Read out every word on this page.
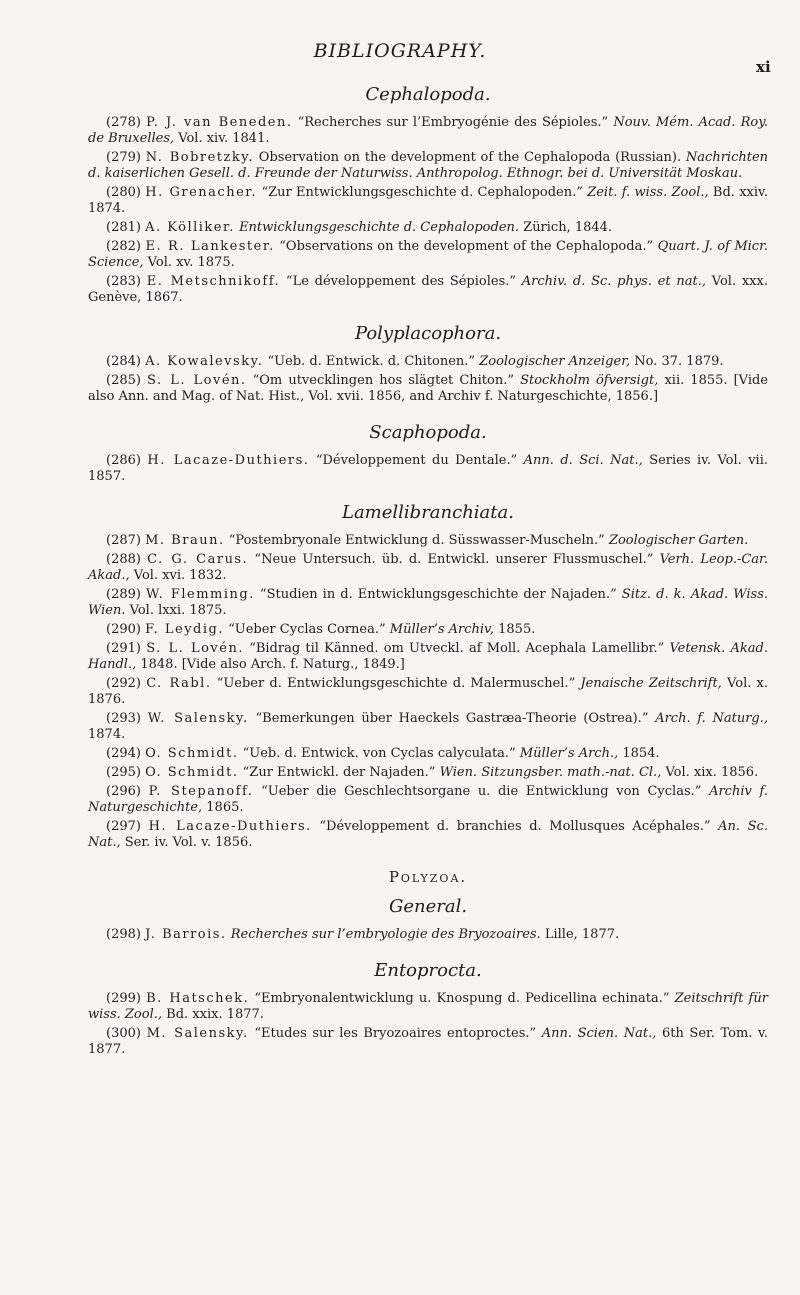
BIBLIOGRAPHY.
xi
Cephalopoda.

(278) P. J. van Beneden. “Recherches sur l’Embryogénie des Sépioles.” Nouv. Mém. Acad. Roy. de Bruxelles, Vol. xiv. 1841.

(279) N. Bobretzky. Observation on the development of the Cephalopoda (Russian). Nachrichten d. kaiserlichen Gesell. d. Freunde der Naturwiss. Anthropolog. Ethnogr. bei d. Universität Moskau.

(280) H. Grenacher. “Zur Entwicklungsgeschichte d. Cephalopoden.” Zeit. f. wiss. Zool., Bd. xxiv. 1874.

(281) A. Kölliker. Entwicklungsgeschichte d. Cephalopoden. Zürich, 1844.

(282) E. R. Lankester. “Observations on the development of the Cephalopoda.” Quart. J. of Micr. Science, Vol. xv. 1875.

(283) E. Metschnikoff. “Le développement des Sépioles.” Archiv. d. Sc. phys. et nat., Vol. xxx. Genève, 1867.

Polyplacophora.

(284) A. Kowalevsky. “Ueb. d. Entwick. d. Chitonen.” Zoologischer Anzeiger, No. 37. 1879.

(285) S. L. Lovén. “Om utvecklingen hos slägtet Chiton.” Stockholm öfversigt, xii. 1855. [Vide also Ann. and Mag. of Nat. Hist., Vol. xvii. 1856, and Archiv f. Naturgeschichte, 1856.]

Scaphopoda.

(286) H. Lacaze-Duthiers. “Développement du Dentale.” Ann. d. Sci. Nat., Series iv. Vol. vii. 1857.

Lamellibranchiata.

(287) M. Braun. “Postembryonale Entwicklung d. Süsswasser-Muscheln.” Zoologischer Garten.

(288) C. G. Carus. “Neue Untersuch. üb. d. Entwickl. unserer Flussmuschel.” Verh. Leop.-Car. Akad., Vol. xvi. 1832.

(289) W. Flemming. “Studien in d. Entwicklungsgeschichte der Najaden.” Sitz. d. k. Akad. Wiss. Wien. Vol. lxxi. 1875.

(290) F. Leydig. “Ueber Cyclas Cornea.” Müller’s Archiv, 1855.

(291) S. L. Lovén. “Bidrag til Känned. om Utveckl. af Moll. Acephala Lamellibr.” Vetensk. Akad. Handl., 1848. [Vide also Arch. f. Naturg., 1849.]

(292) C. Rabl. “Ueber d. Entwicklungsgeschichte d. Malermuschel.” Jenaische Zeitschrift, Vol. x. 1876.

(293) W. Salensky. “Bemerkungen über Haeckels Gastræa-Theorie (Ostrea).” Arch. f. Naturg., 1874.

(294) O. Schmidt. “Ueb. d. Entwick. von Cyclas calyculata.” Müller’s Arch., 1854.

(295) O. Schmidt. “Zur Entwickl. der Najaden.” Wien. Sitzungsber. math.-nat. Cl., Vol. xix. 1856.

(296) P. Stepanoff. “Ueber die Geschlechtsorgane u. die Entwicklung von Cyclas.” Archiv f. Naturgeschichte, 1865.

(297) H. Lacaze-Duthiers. “Développement d. branchies d. Mollusques Acéphales.” An. Sc. Nat., Ser. iv. Vol. v. 1856.

Polyzoa.
General.

(298) J. Barrois. Recherches sur l’embryologie des Bryozoaires. Lille, 1877.

Entoprocta.

(299) B. Hatschek. “Embryonalentwicklung u. Knospung d. Pedicellina echinata.” Zeitschrift für wiss. Zool., Bd. xxix. 1877.

(300) M. Salensky. “Etudes sur les Bryozoaires entoproctes.” Ann. Scien. Nat., 6th Ser. Tom. v. 1877.
